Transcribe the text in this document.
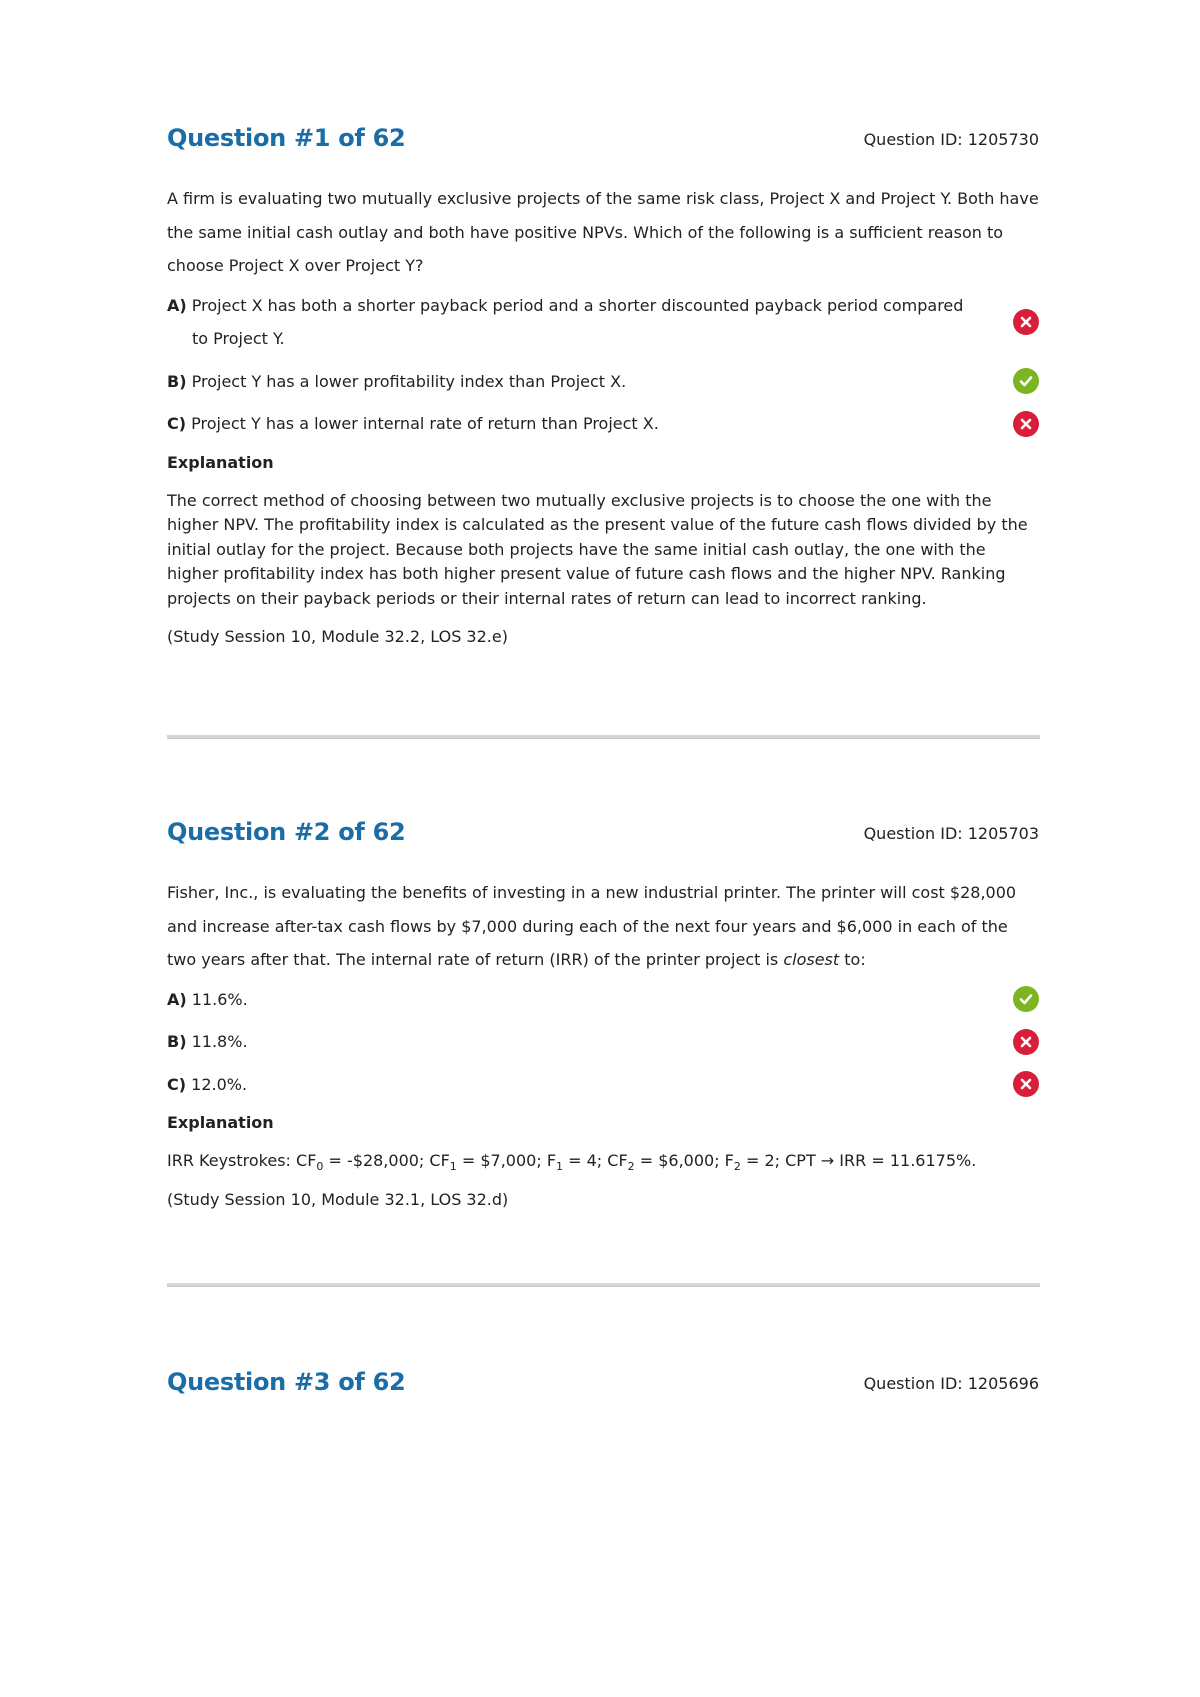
Question #1 of 62	Question ID: 1205730
A firm is evaluating two mutually exclusive projects of the same risk class, Project X and Project Y. Both have the same initial cash outlay and both have positive NPVs. Which of the following is a sufficient reason to choose Project X over Project Y?
A) Project X has both a shorter payback period and a shorter discounted payback period compared
to Project Y.
B) Project Y has a lower profitability index than Project X.
C) Project Y has a lower internal rate of return than Project X.
Explanation
The correct method of choosing between two mutually exclusive projects is to choose the one with the higher NPV. The profitability index is calculated as the present value of the future cash flows divided by the initial outlay for the project. Because both projects have the same initial cash outlay, the one with the higher profitability index has both higher present value of future cash flows and the higher NPV. Ranking projects on their payback periods or their internal rates of return can lead to incorrect ranking.
(Study Session 10, Module 32.2, LOS 32.e)
Question #2 of 62	Question ID: 1205703
Fisher, Inc., is evaluating the benefits of investing in a new industrial printer. The printer will cost $28,000 and increase after-tax cash flows by $7,000 during each of the next four years and $6,000 in each of the two years after that. The internal rate of return (IRR) of the printer project is closest to:
A) 11.6%.
B) 11.8%.
C) 12.0%.
Explanation
IRR Keystrokes: $CF_0$ = -$28,000; $CF_1$ = $7,000; $F_1 = 4$; $CF_2$ = $6,000; $F_2 = 2$; CPT → IRR = 11.6175%.
(Study Session 10, Module 32.1, LOS 32.d)
Question #3 of 62	Question ID: 1205696
